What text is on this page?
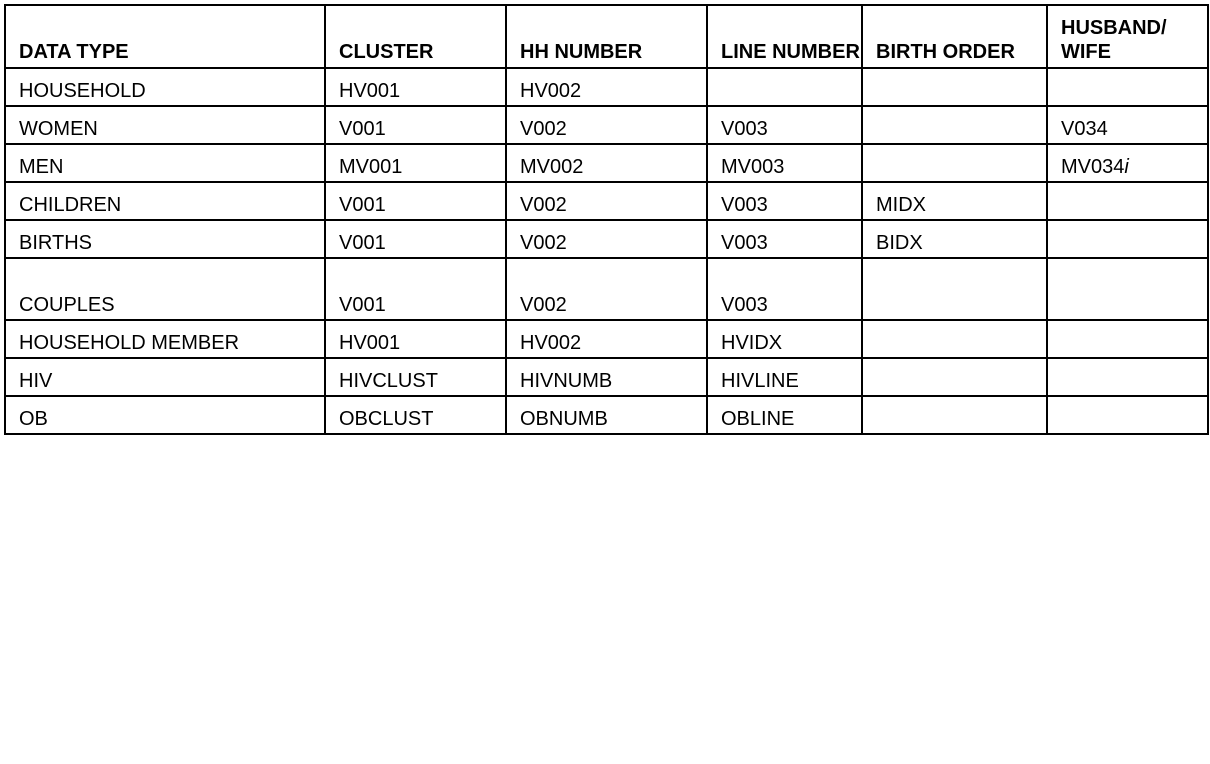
DATA TYPE	CLUSTER	HH NUMBER	LINE NUMBER	BIRTH ORDER	HUSBAND/ WIFE
HOUSEHOLD	HV001	HV002			
WOMEN	V001	V002	V003		V034
MEN	MV001	MV002	MV003		MV034i
CHILDREN	V001	V002	V003	MIDX	
BIRTHS	V001	V002	V003	BIDX	
COUPLES	V001	V002	V003		
HOUSEHOLD MEMBER	HV001	HV002	HVIDX		
HIV	HIVCLUST	HIVNUMB	HIVLINE		
OB	OBCLUST	OBNUMB	OBLINE		
